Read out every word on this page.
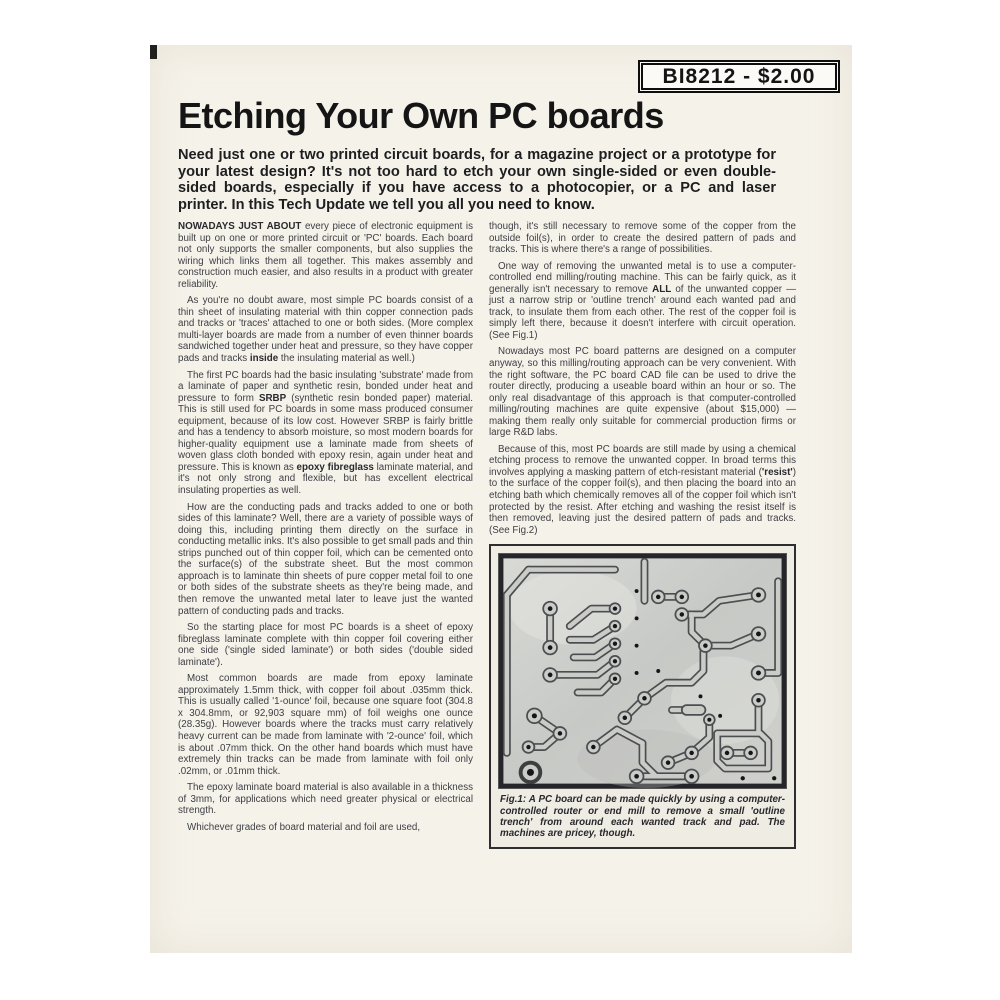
BI8212 - $2.00
Etching Your Own PC boards

Need just one or two printed circuit boards, for a magazine project or a prototype for your latest design? It's not too hard to etch your own single-sided or even double-sided boards, especially if you have access to a photocopier, or a PC and laser printer. In this Tech Update we tell you all you need to know.

NOWADAYS JUST ABOUT every piece of electronic equipment is built up on one or more printed circuit or 'PC' boards. Each board not only supports the smaller components, but also supplies the wiring which links them all together. This makes assembly and construction much easier, and also results in a product with greater reliability.

As you're no doubt aware, most simple PC boards consist of a thin sheet of insulating material with thin copper connection pads and tracks or 'traces' attached to one or both sides. (More complex multi-layer boards are made from a number of even thinner boards sandwiched together under heat and pressure, so they have copper pads and tracks inside the insulating material as well.)

The first PC boards had the basic insulating 'substrate' made from a laminate of paper and synthetic resin, bonded under heat and pressure to form SRBP (synthetic resin bonded paper) material. This is still used for PC boards in some mass produced consumer equipment, because of its low cost. However SRBP is fairly brittle and has a tendency to absorb moisture, so most modern boards for higher-quality equipment use a laminate made from sheets of woven glass cloth bonded with epoxy resin, again under heat and pressure. This is known as epoxy fibreglass laminate material, and it's not only strong and flexible, but has excellent electrical insulating properties as well.

How are the conducting pads and tracks added to one or both sides of this laminate? Well, there are a variety of possible ways of doing this, including printing them directly on the surface in conducting metallic inks. It's also possible to get small pads and thin strips punched out of thin copper foil, which can be cemented onto the surface(s) of the substrate sheet. But the most common approach is to laminate thin sheets of pure copper metal foil to one or both sides of the substrate sheets as they're being made, and then remove the unwanted metal later to leave just the wanted pattern of conducting pads and tracks.

So the starting place for most PC boards is a sheet of epoxy fibreglass laminate complete with thin copper foil covering either one side ('single sided laminate') or both sides ('double sided laminate').

Most common boards are made from epoxy laminate approximately 1.5mm thick, with copper foil about .035mm thick. This is usually called '1-ounce' foil, because one square foot (304.8 x 304.8mm, or 92,903 square mm) of foil weighs one ounce (28.35g). However boards where the tracks must carry relatively heavy current can be made from laminate with '2-ounce' foil, which is about .07mm thick. On the other hand boards which must have extremely thin tracks can be made from laminate with foil only .02mm, or .01mm thick.

The epoxy laminate board material is also available in a thickness of 3mm, for applications which need greater physical or electrical strength.

Whichever grades of board material and foil are used,

though, it's still necessary to remove some of the copper from the outside foil(s), in order to create the desired pattern of pads and tracks. This is where there's a range of possibilities.

One way of removing the unwanted metal is to use a computer-controlled end milling/routing machine. This can be fairly quick, as it generally isn't necessary to remove ALL of the unwanted copper — just a narrow strip or 'outline trench' around each wanted pad and track, to insulate them from each other. The rest of the copper foil is simply left there, because it doesn't interfere with circuit operation. (See Fig.1)

Nowadays most PC board patterns are designed on a computer anyway, so this milling/routing approach can be very convenient. With the right software, the PC board CAD file can be used to drive the router directly, producing a useable board within an hour or so. The only real disadvantage of this approach is that computer-controlled milling/routing machines are quite expensive (about $15,000) — making them really only suitable for commercial production firms or large R&D labs.

Because of this, most PC boards are still made by using a chemical etching process to remove the unwanted copper. In broad terms this involves applying a masking pattern of etch-resistant material ('resist') to the surface of the copper foil(s), and then placing the board into an etching bath which chemically removes all of the copper foil which isn't protected by the resist. After etching and washing the resist itself is then removed, leaving just the desired pattern of pads and tracks. (See Fig.2)

Fig.1: A PC board can be made quickly by using a computer-controlled router or end mill to remove a small 'outline trench' from around each wanted track and pad. The machines are pricey, though.
